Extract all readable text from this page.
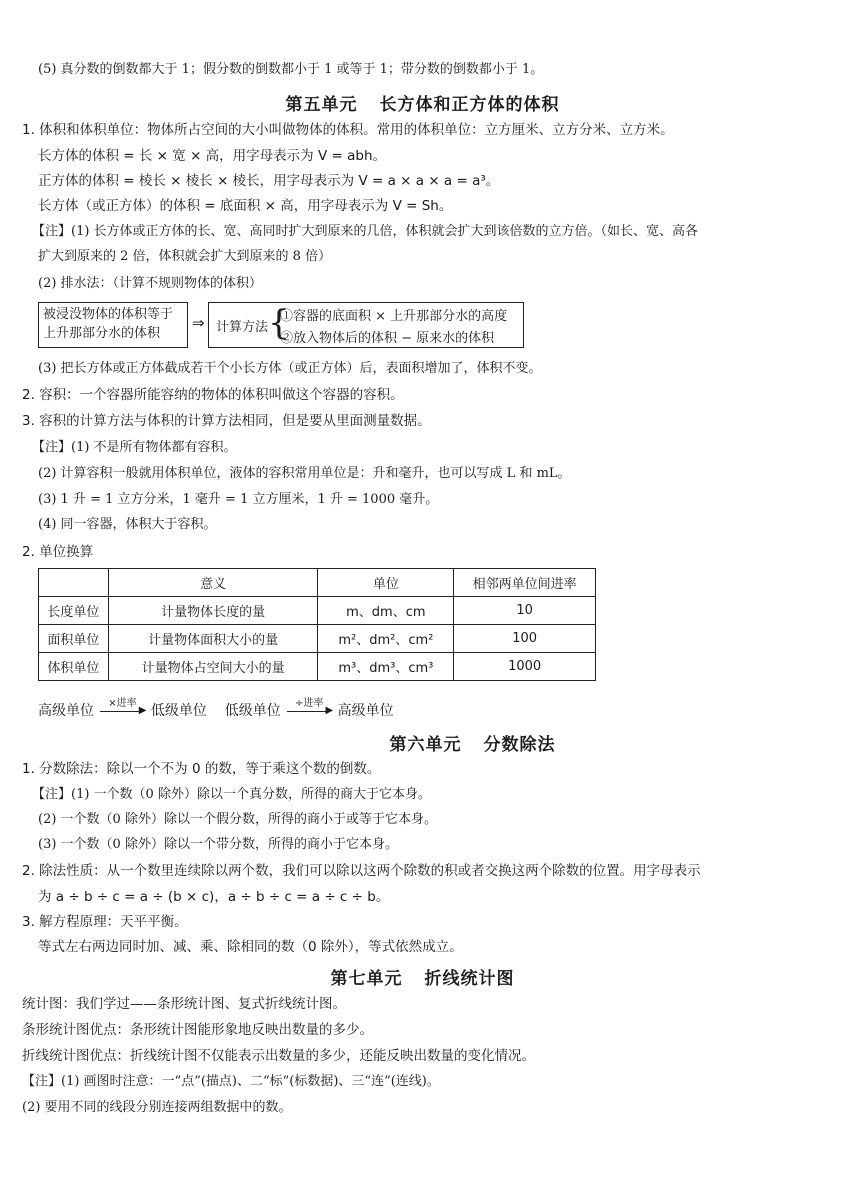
(5) 真分数的倒数都大于 1；假分数的倒数都小于 1 或等于 1；带分数的倒数都小于 1。
第五单元 长方体和正方体的体积
1. 体积和体积单位：物体所占空间的大小叫做物体的体积。常用的体积单位：立方厘米、立方分米、立方米。
长方体的体积 = 长 × 宽 × 高，用字母表示为 V = abh。
正方体的体积 = 棱长 × 棱长 × 棱长，用字母表示为 V = a × a × a = a³。
长方体（或正方体）的体积 = 底面积 × 高，用字母表示为 V = Sh。
【注】(1) 长方体或正方体的长、宽、高同时扩大到原来的几倍，体积就会扩大到该倍数的立方倍。（如长、宽、高各
扩大到原来的 2 倍，体积就会扩大到原来的 8 倍）
(2) 排水法：（计算不规则物体的体积）
被浸没物体的体积等于
上升那部分水的体积
⇒ 计算方法 {
①容器的底面积 × 上升那部分水的高度
②放入物体后的体积 − 原来水的体积
(3) 把长方体或正方体截成若干个小长方体（或正方体）后，表面积增加了，体积不变。
2. 容积：一个容器所能容纳的物体的体积叫做这个容器的容积。
3. 容积的计算方法与体积的计算方法相同，但是要从里面测量数据。
【注】(1) 不是所有物体都有容积。
(2) 计算容积一般就用体积单位，液体的容积常用单位是：升和毫升，也可以写成 L 和 mL。
(3) 1 升 = 1 立方分米，1 毫升 = 1 立方厘米，1 升 = 1000 毫升。
(4) 同一容器，体积大于容积。
2. 单位换算
	意义	单位	相邻两单位间进率
长度单位	计量物体长度的量	m、dm、cm	10
面积单位	计量物体面积大小的量	m²、dm²、cm²	100
体积单位	计量物体占空间大小的量	m³、dm³、cm³	1000
高级单位	×进率
▶ 低级单位 低级单位	÷进率
▶ 高级单位
第六单元 分数除法
1. 分数除法：除以一个不为 0 的数，等于乘这个数的倒数。
【注】(1) 一个数（0 除外）除以一个真分数，所得的商大于它本身。
(2) 一个数（0 除外）除以一个假分数，所得的商小于或等于它本身。
(3) 一个数（0 除外）除以一个带分数，所得的商小于它本身。
2. 除法性质：从一个数里连续除以两个数，我们可以除以这两个除数的积或者交换这两个除数的位置。用字母表示
为 a ÷ b ÷ c = a ÷ (b × c)，a ÷ b ÷ c = a ÷ c ÷ b。
3. 解方程原理：天平平衡。
等式左右两边同时加、减、乘、除相同的数（0 除外），等式依然成立。
第七单元 折线统计图
统计图：我们学过——条形统计图、复式折线统计图。
条形统计图优点：条形统计图能形象地反映出数量的多少。
折线统计图优点：折线统计图不仅能表示出数量的多少，还能反映出数量的变化情况。
【注】(1) 画图时注意：一“点”(描点)、二“标”(标数据)、三“连”(连线)。
(2) 要用不同的线段分别连接两组数据中的数。
